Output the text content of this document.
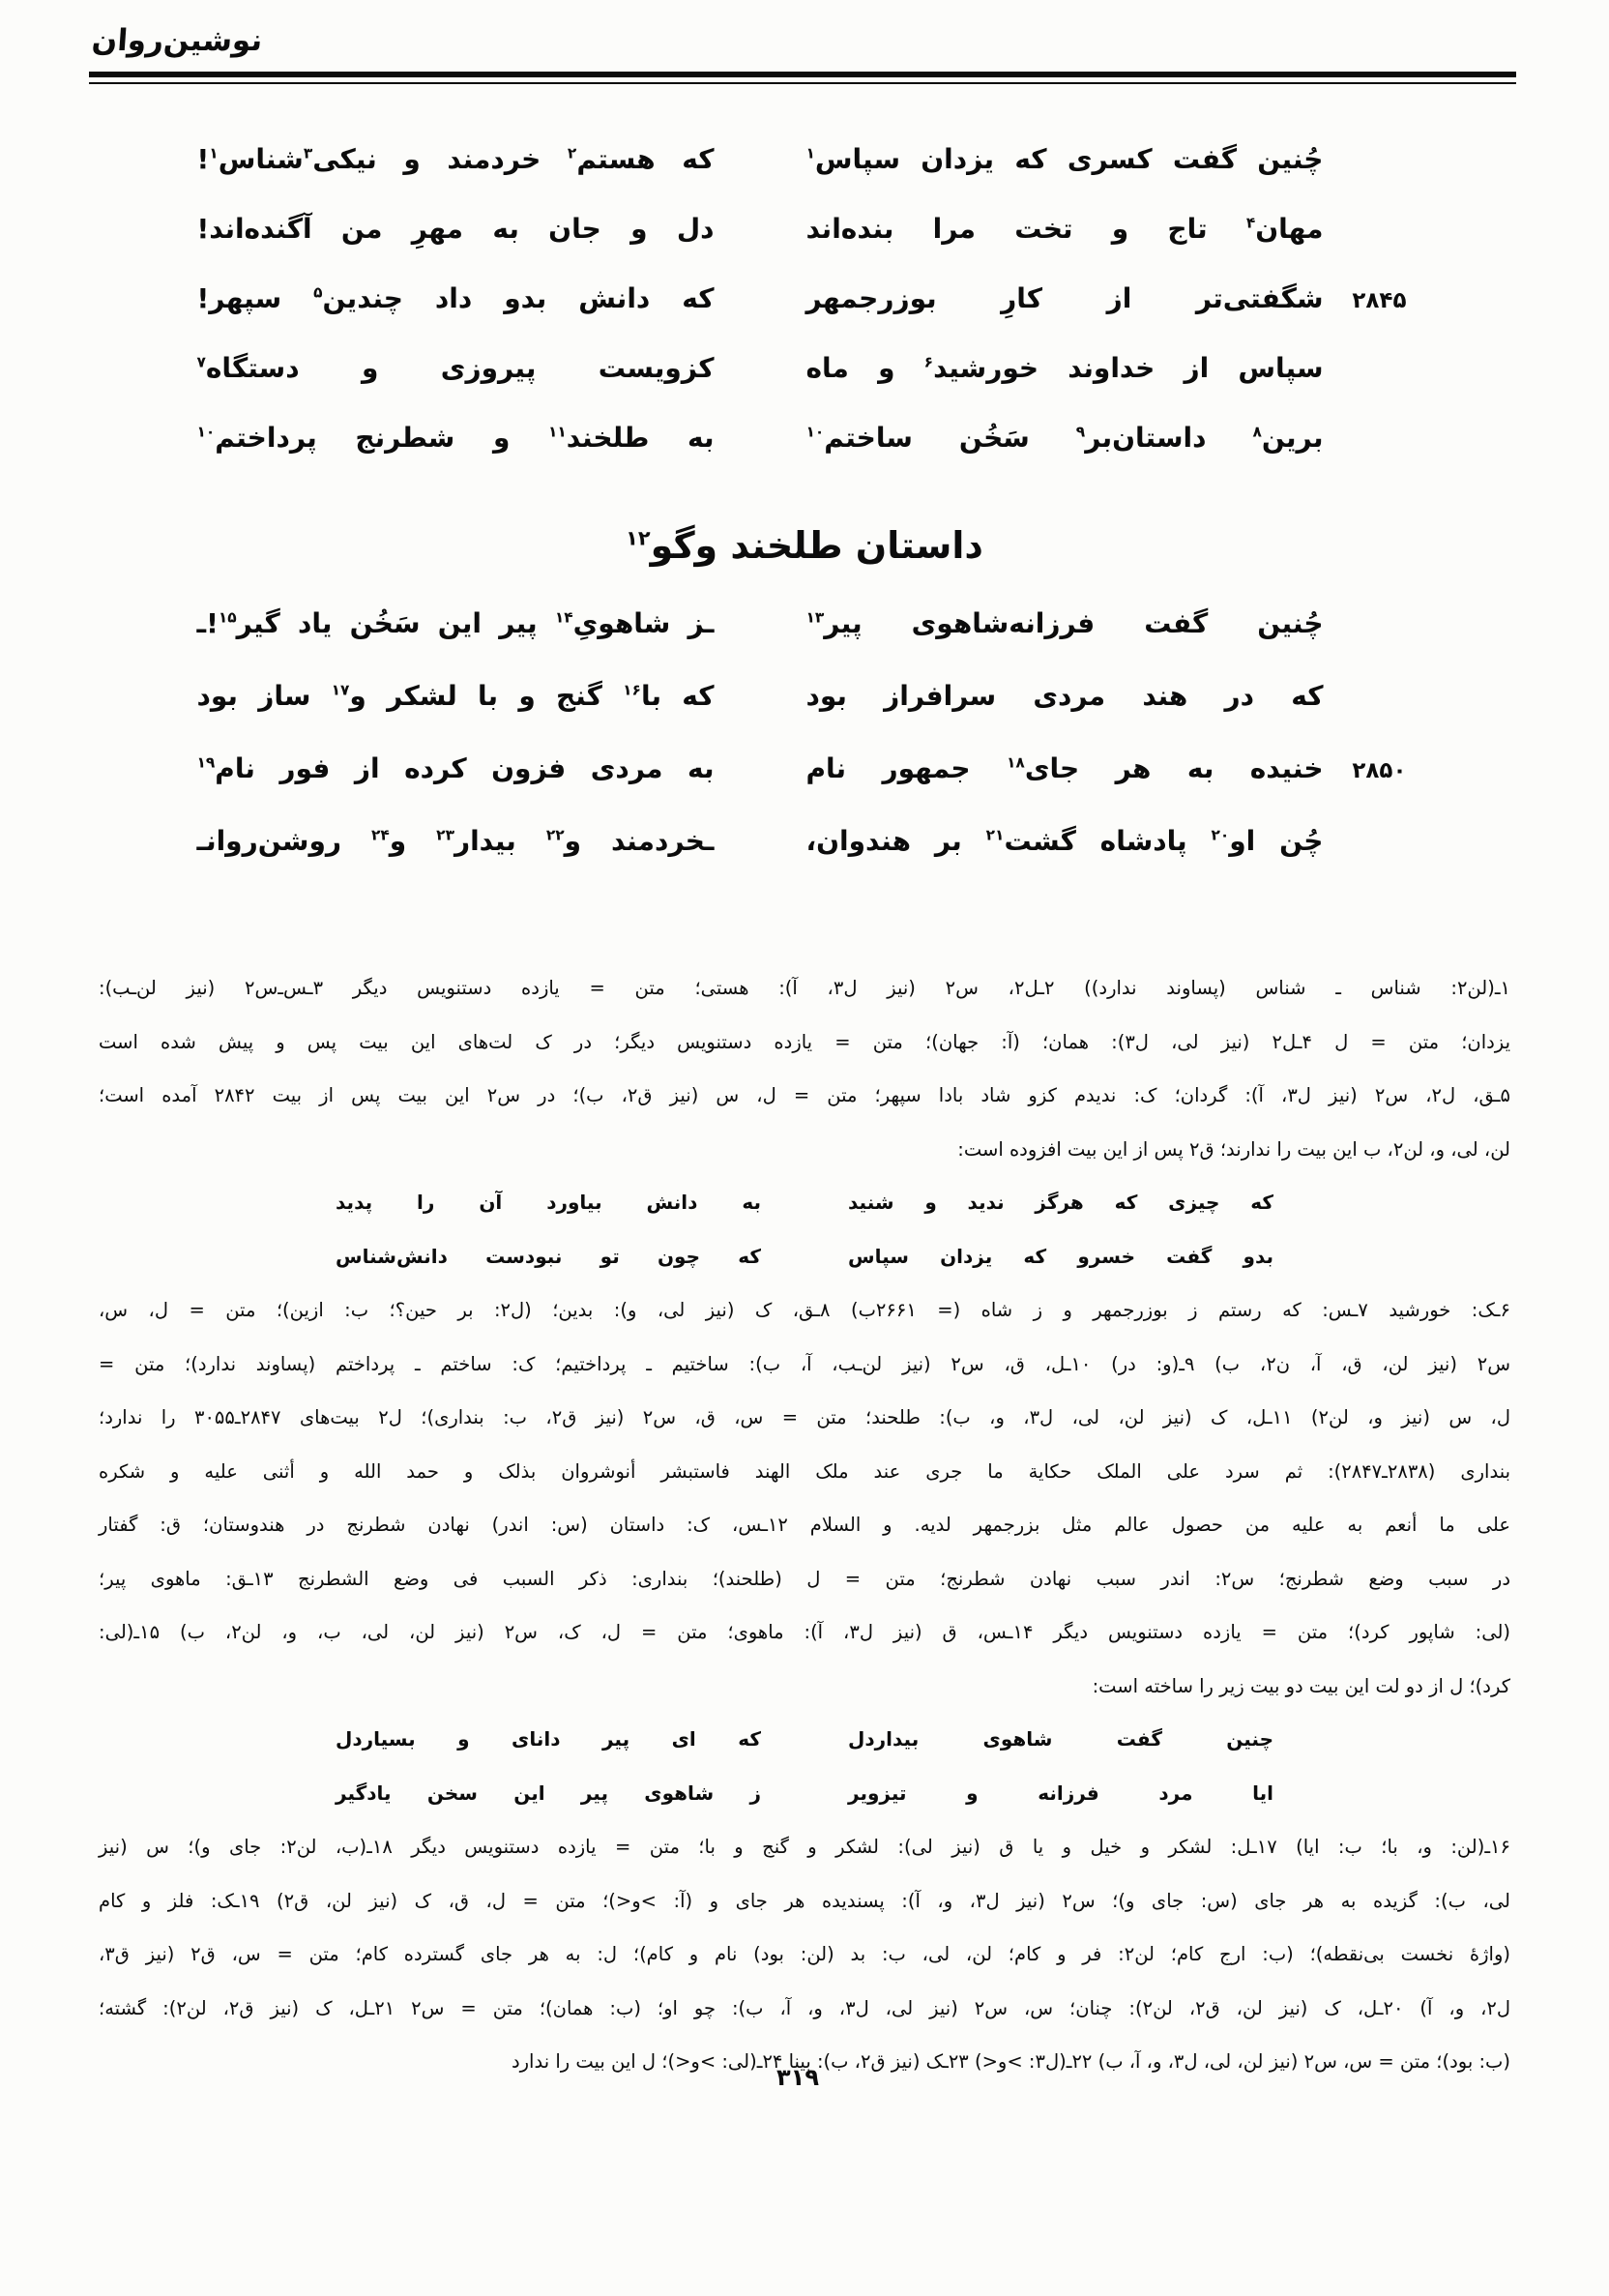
نوشین‌روان
چُنین گفت کسری که یزدان سپاس$^۱$
که هستم$^۲$ خردمند و نیکی$^۳$شناس$^۱$!
مهان$^۴$ تاج و تخت مرا بنده‌اند
دل و جان به مهرِ من آگنده‌اند!
۲۸۴۵
شگفتی‌تر از کارِ بوزرجمهر
که دانش بدو داد چندین$^۵$ سپهر!
سپاس از خداوند خورشید$^۶$ و ماه
کزویست پیروزی و دستگاه$^۷$
برین$^۸$ داستان‌بر$^۹$ سَخُن ساختم$^{۱۰}$
به طلخند$^{۱۱}$ و شطرنج پرداختم$^{۱۰}$
داستان طلخند وگو$^{۱۲}$
چُنین گفت فرزانه‌شاهوی پیر$^{۱۳}$
ـز شاهویِ$^{۱۴}$ پیر این سَخُن یاد گیر$^{۱۵}$!ـ
که در هند مردی سرافراز بود
که با$^{۱۶}$ گنج و با لشکر و$^{۱۷}$ ساز بود
۲۸۵۰
خنیده به هر جای$^{۱۸}$ جمهور نام
به مردی فزون کرده از فور نام$^{۱۹}$
چُن او$^{۲۰}$ پادشاه گشت$^{۲۱}$ بر هندوان،
ـخردمند و$^{۲۲}$ بیدار$^{۲۳}$ و$^{۲۴}$ روشن‌روانـ
۱ـ(لن۲: شناس ـ شناس (پساوند ندارد)) ۲ـل۲، س۲ (نیز ل۳، آ): هستی؛ متن = یازده دستنویس دیگر ۳ـس‌ـ‌س۲ (نیز لن‌ـب):
یزدان؛ متن = ل ۴ـل۲ (نیز لی، ل۳): همان؛ (آ: جهان)؛ متن = یازده دستنویس دیگر؛ در ک لت‌های این بیت پس و پیش شده است
۵ـق، ل۲، س۲ (نیز ل۳، آ): گردان؛ ک: ندیدم کزو شاد بادا سپهر؛ متن = ل، س (نیز ق۲، ب)؛ در س۲ این بیت پس از بیت ۲۸۴۲ آمده است؛
لن، لی، و، لن۲، ب این بیت را ندارند؛ ق۲ پس از این بیت افزوده است:
که چیزی که هرگز ندید و شنید
به دانش بیاورد آن را پدید
بدو گفت خسرو که یزدان سپاس
که چون تو نبودست دانش‌شناس
۶ـک: خورشید ۷ـس: که رستم ز بوزرجمهر و ز شاه (= ۲۶۶۱ب) ۸ـق، ک (نیز لی، و): بدین؛ (ل۲: بر حین؟؛ ب: ازین)؛ متن = ل، س،
س۲ (نیز لن، ق، آ، ن۲، ب) ۹ـ(و: در) ۱۰ـل، ق، س۲ (نیز لن‌ـب، آ، ب): ساختیم ـ پرداختیم؛ ک: ساختم ـ پرداختم (پساوند ندارد)؛ متن =
ل، س (نیز و، لن۲) ۱۱ـل، ک (نیز لن، لی، ل۳، و، ب): طلحند؛ متن = س، ق، س۲ (نیز ق۲، ب: بنداری)؛ ل۲ بیت‌های ۲۸۴۷ـ۳۰۵۵ را ندارد؛
بنداری (۲۸۳۸ـ۲۸۴۷): ثم سرد علی الملک حکایة ما جری عند ملک الهند فاستبشر أنوشروان بذلک و حمد الله و أثنی علیه و شکره
علی ما أنعم به علیه من حصول عالم مثل بزرجمهر لدیه. و السلام ۱۲ـس، ک: داستان (س: اندر) نهادن شطرنج در هندوستان؛ ق: گفتار
در سبب وضع شطرنج؛ س۲: اندر سبب نهادن شطرنج؛ متن = ل (طلحند)؛ بنداری: ذکر السبب فی وضع الشطرنج ۱۳ـق: ماهوی پیر؛
(لی: شاپور کرد)؛ متن = یازده دستنویس دیگر ۱۴ـس، ق (نیز ل۳، آ): ماهوی؛ متن = ل، ک، س۲ (نیز لن، لی، ب، و، لن۲، ب) ۱۵ـ(لی:
کرد)؛ ل از دو لت این بیت دو بیت زیر را ساخته است:
چنین گفت شاهوی بیداردل
که ای پیر دانای و بسیاردل
ایا مرد فرزانه و تیزویر
ز شاهوی پیر این سخن یادگیر
۱۶ـ(لن: و، با؛ ب: ایا) ۱۷ـل: لشکر و خیل و یا ق (نیز لی): لشکر و گنج و با؛ متن = یازده دستنویس دیگر ۱۸ـ(ب، لن۲: جای و)؛ س (نیز
لی، ب): گزیده به هر جای (س: جای و)؛ س۲ (نیز ل۳، و، آ): پسندیده هر جای و (آ: >و<)؛ متن = ل، ق، ک (نیز لن، ق۲) ۱۹ـک: فلز و کام
(واژهٔ نخست بی‌نقطه)؛ (ب: ارج کام؛ لن۲: فر و کام؛ لن، لی، ب: بد (لن: بود) نام و کام)؛ ل: به هر جای گسترده کام؛ متن = س، ق۲ (نیز ق۳،
ل۲، و، آ) ۲۰ـل، ک (نیز لن، ق۲، لن۲): چنان؛ س، س۲ (نیز لی، ل۳، و، آ، ب): چو او؛ (ب: همان)؛ متن = س۲ ۲۱ـل، ک (نیز ق۲، لن۲): گشته؛
(ب: بود)؛ متن = س، س۲ (نیز لن، لی، ل۳، و، آ، ب) ۲۲ـ(ل۳: >و<) ۲۳ـک (نیز ق۲، ب): بینا ۲۴ـ(لی: >و<)؛ ل این بیت را ندارد
۳۱۹
